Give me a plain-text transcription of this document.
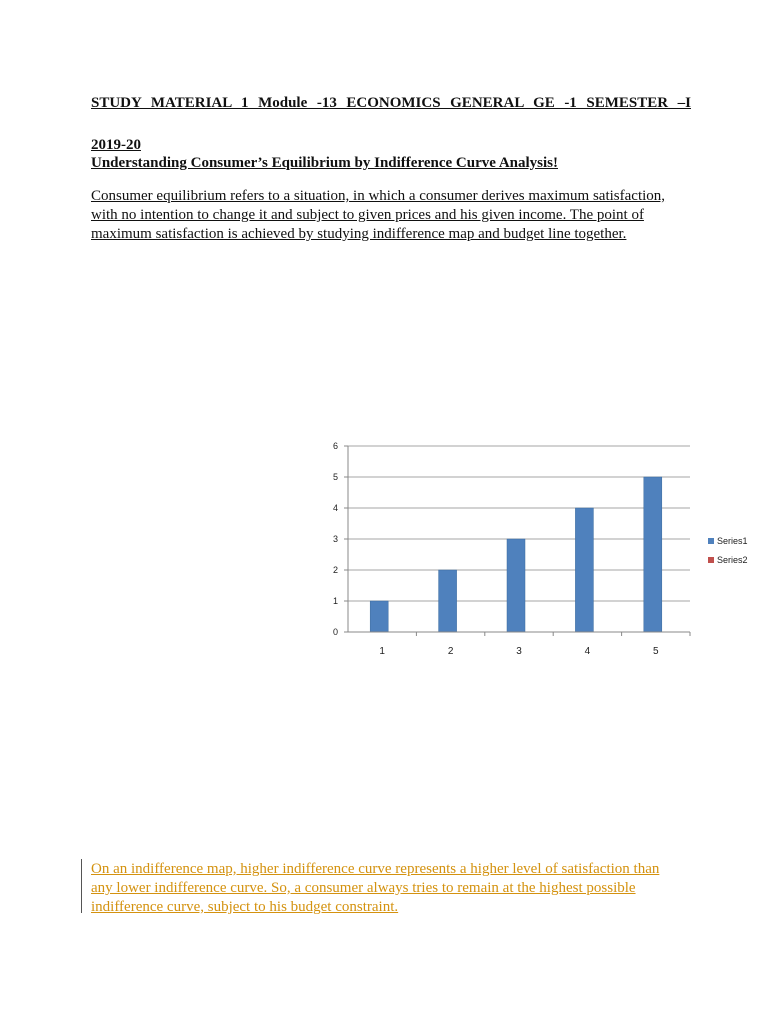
STUDY MATERIAL 1 Module -13 ECONOMICS GENERAL GE -1 SEMESTER –I
2019-20
Understanding Consumer’s Equilibrium by Indifference Curve Analysis!
Consumer equilibrium refers to a situation, in which a consumer derives maximum satisfaction,
with no intention to change it and subject to given prices and his given income. The point of
maximum satisfaction is achieved by studying indifference map and budget line together.
0
1
2
3
4
5
6
1	2	3	4	5
On an indifference map, higher indifference curve represents a higher level of satisfaction than
any lower indifference curve. So, a consumer always tries to remain at the highest possible
indifference curve, subject to his budget constraint.
Series1
Series2
